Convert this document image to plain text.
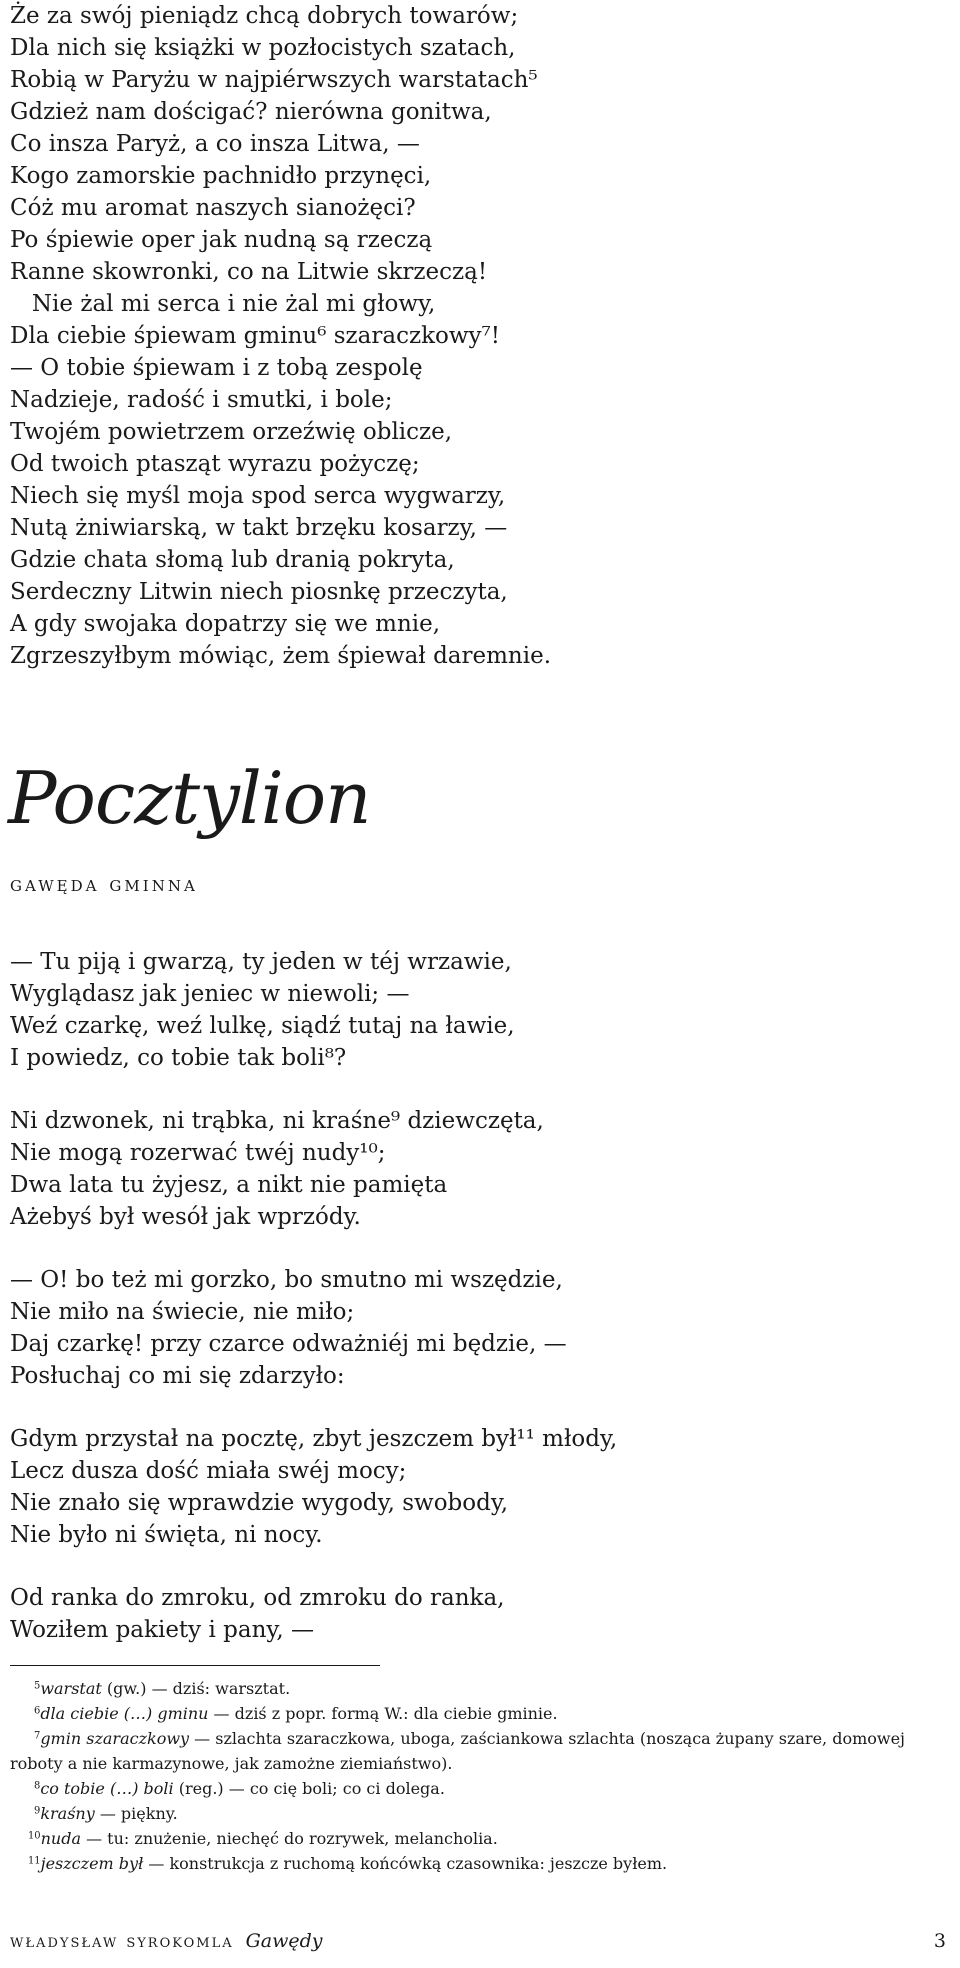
Że za swój pieniądz chcą dobrych towarów;
Dla nich się książki w pozłocistych szatach,
Robią w Paryżu w najpiérwszych warstatach⁵
Gdzież nam dościgać? nierówna gonitwa,
Co insza Paryż, a co insza Litwa, —
Kogo zamorskie pachnidło przynęci,
Cóż mu aromat naszych sianożęci?
Po śpiewie oper jak nudną są rzeczą
Ranne skowronki, co na Litwie skrzeczą!
Nie żal mi serca i nie żal mi głowy,
Dla ciebie śpiewam gminu⁶ szaraczkowy⁷!
— O tobie śpiewam i z tobą zespolę
Nadzieje, radość i smutki, i bole;
Twojém powietrzem orzeźwię oblicze,
Od twoich ptasząt wyrazu pożyczę;
Niech się myśl moja spod serca wygwarzy,
Nutą żniwiarską, w takt brzęku kosarzy, —
Gdzie chata słomą lub dranią pokryta,
Serdeczny Litwin niech piosnkę przeczyta,
A gdy swojaka dopatrzy się we mnie,
Zgrzeszyłbym mówiąc, żem śpiewał daremnie.
Pocztylion
gawęda gminna
— Tu piją i gwarzą, ty jeden w téj wrzawie,
Wyglądasz jak jeniec w niewoli; —
Weź czarkę, weź lulkę, siądź tutaj na ławie,
I powiedz, co tobie tak boli⁸?
Ni dzwonek, ni trąbka, ni kraśne⁹ dziewczęta,
Nie mogą rozerwać twéj nudy¹⁰;
Dwa lata tu żyjesz, a nikt nie pamięta
Ażebyś był wesół jak wprzódy.
— O! bo też mi gorzko, bo smutno mi wszędzie,
Nie miło na świecie, nie miło;
Daj czarkę! przy czarce odważniéj mi będzie, —
Posłuchaj co mi się zdarzyło:
Gdym przystał na pocztę, zbyt jeszczem był¹¹ młody,
Lecz dusza dość miała swéj mocy;
Nie znało się wprawdzie wygody, swobody,
Nie było ni święta, ni nocy.
Od ranka do zmroku, od zmroku do ranka,
Woziłem pakiety i pany, —
$^5$warstat (gw.) — dziś: warsztat.
$^6$dla ciebie (…) gminu — dziś z popr. formą W.: dla ciebie gminie.
$^7$gmin szaraczkowy — szlachta szaraczkowa, uboga, zaściankowa szlachta (nosząca żupany szare, domowej roboty a nie karmazynowe, jak zamożne ziemiaństwo).
$^8$co tobie (…) boli (reg.) — co cię boli; co ci dolega.
$^9$kraśny — piękny.
$^{10}$nuda — tu: znużenie, niechęć do rozrywek, melancholia.
$^{11}$jeszczem był — konstrukcja z ruchomą końcówką czasownika: jeszcze byłem.
władysław syrokomla Gawędy	3
